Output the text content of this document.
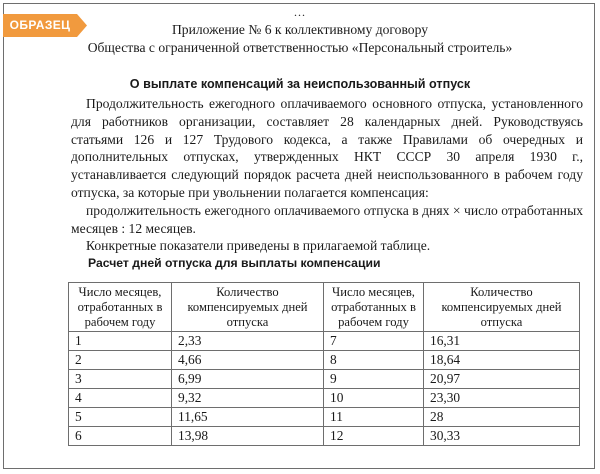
ОБРАЗЕЦ
...
Приложение № 6 к коллективному договору
Общества с ограниченной ответственностью «Персональный строитель»
О выплате компенсаций за неиспользованный отпуск

Продолжительность ежегодного оплачиваемого основного отпуска, установленного для работников организации, составляет 28 календарных дней. Руководствуясь статьями 126 и 127 Трудового кодекса, а также Правилами об очередных и дополнительных отпусках, утвержденных НКТ СССР 30 апреля 1930 г., устанавливается следующий порядок расчета дней неиспользованного в рабочем году отпуска, за которые при увольнении полагается компенсация:

продолжительность ежегодного оплачиваемого отпуска в днях × число отработанных месяцев : 12 месяцев.

Конкретные показатели приведены в прилагаемой таблице.

Расчет дней отпуска для выплаты компенсации
Число месяцев, отработанных в рабочем году	Количество компенсируемых дней отпуска	Число месяцев, отработанных в рабочем году	Количество компенсируемых дней отпуска
1	2,33	7	16,31
2	4,66	8	18,64
3	6,99	9	20,97
4	9,32	10	23,30
5	11,65	11	28
6	13,98	12	30,33
